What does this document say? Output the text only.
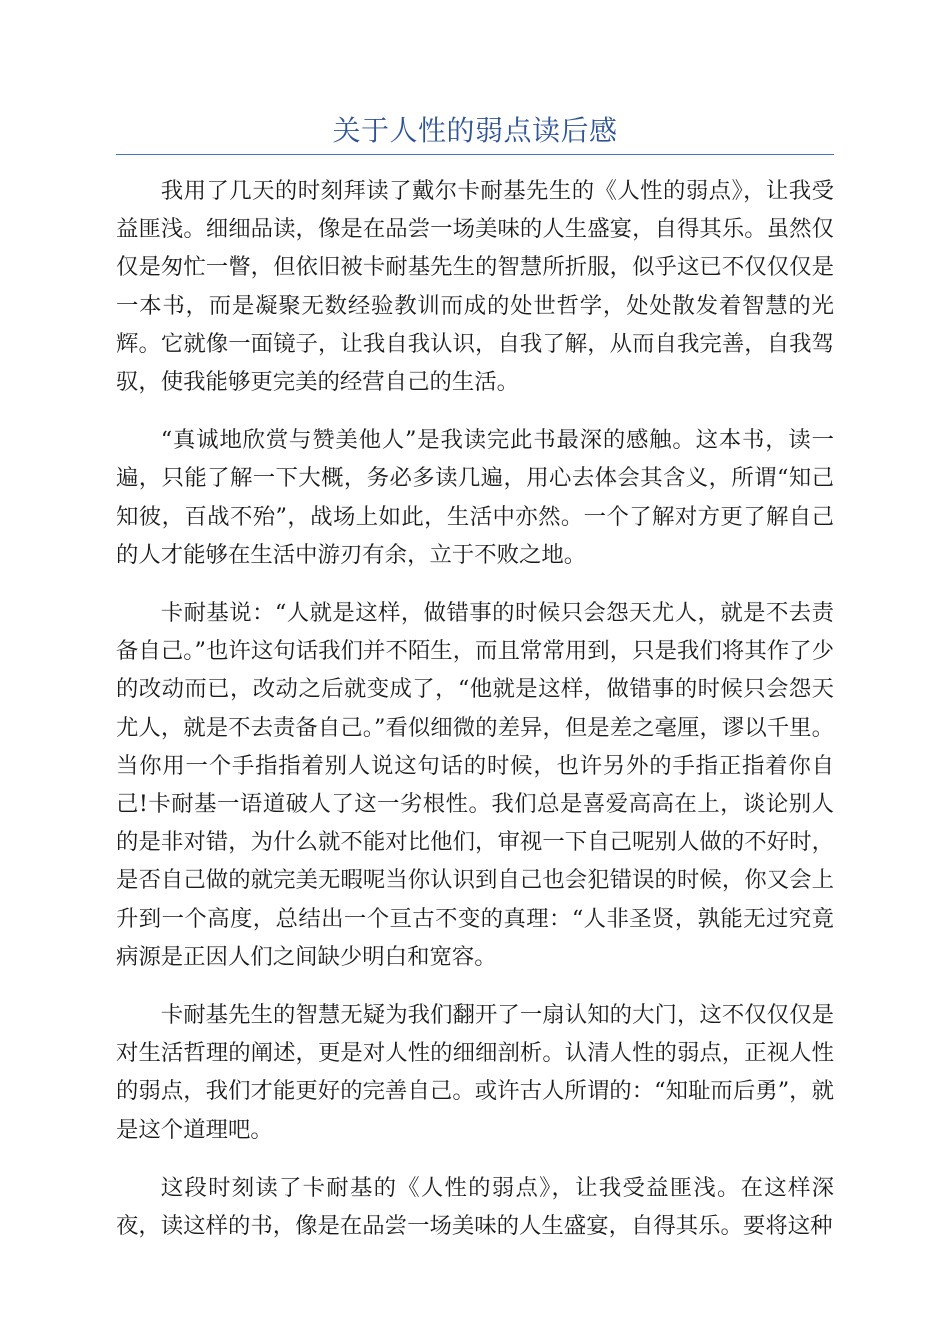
关于人性的弱点读后感

我用了几天的时刻拜读了戴尔卡耐基先生的《人性的弱点》，让我受益匪浅。细细品读，像是在品尝一场美味的人生盛宴，自得其乐。虽然仅仅是匆忙一瞥，但依旧被卡耐基先生的智慧所折服，似乎这已不仅仅仅是一本书，而是凝聚无数经验教训而成的处世哲学，处处散发着智慧的光辉。它就像一面镜子，让我自我认识，自我了解，从而自我完善，自我驾驭，使我能够更完美的经营自己的生活。

“真诚地欣赏与赞美他人”是我读完此书最深的感触。这本书，读一遍，只能了解一下大概，务必多读几遍，用心去体会其含义，所谓“知己知彼，百战不殆”，战场上如此，生活中亦然。一个了解对方更了解自己的人才能够在生活中游刃有余，立于不败之地。

卡耐基说：“人就是这样，做错事的时候只会怨天尤人，就是不去责备自己。”也许这句话我们并不陌生，而且常常用到，只是我们将其作了少的改动而已，改动之后就变成了，“他就是这样，做错事的时候只会怨天尤人，就是不去责备自己。”看似细微的差异，但是差之毫厘，谬以千里。当你用一个手指指着别人说这句话的时候，也许另外的手指正指着你自己!卡耐基一语道破人了这一劣根性。我们总是喜爱高高在上，谈论别人的是非对错，为什么就不能对比他们，审视一下自己呢别人做的不好时，是否自己做的就完美无暇呢当你认识到自己也会犯错误的时候，你又会上升到一个高度，总结出一个亘古不变的真理：“人非圣贤，孰能无过究竟病源是正因人们之间缺少明白和宽容。

卡耐基先生的智慧无疑为我们翻开了一扇认知的大门，这不仅仅仅是对生活哲理的阐述，更是对人性的细细剖析。认清人性的弱点，正视人性的弱点，我们才能更好的完善自己。或许古人所谓的：“知耻而后勇”，就是这个道理吧。

这段时刻读了卡耐基的《人性的弱点》，让我受益匪浅。在这样深夜，读这样的书，像是在品尝一场美味的人生盛宴，自得其乐。要将这种
